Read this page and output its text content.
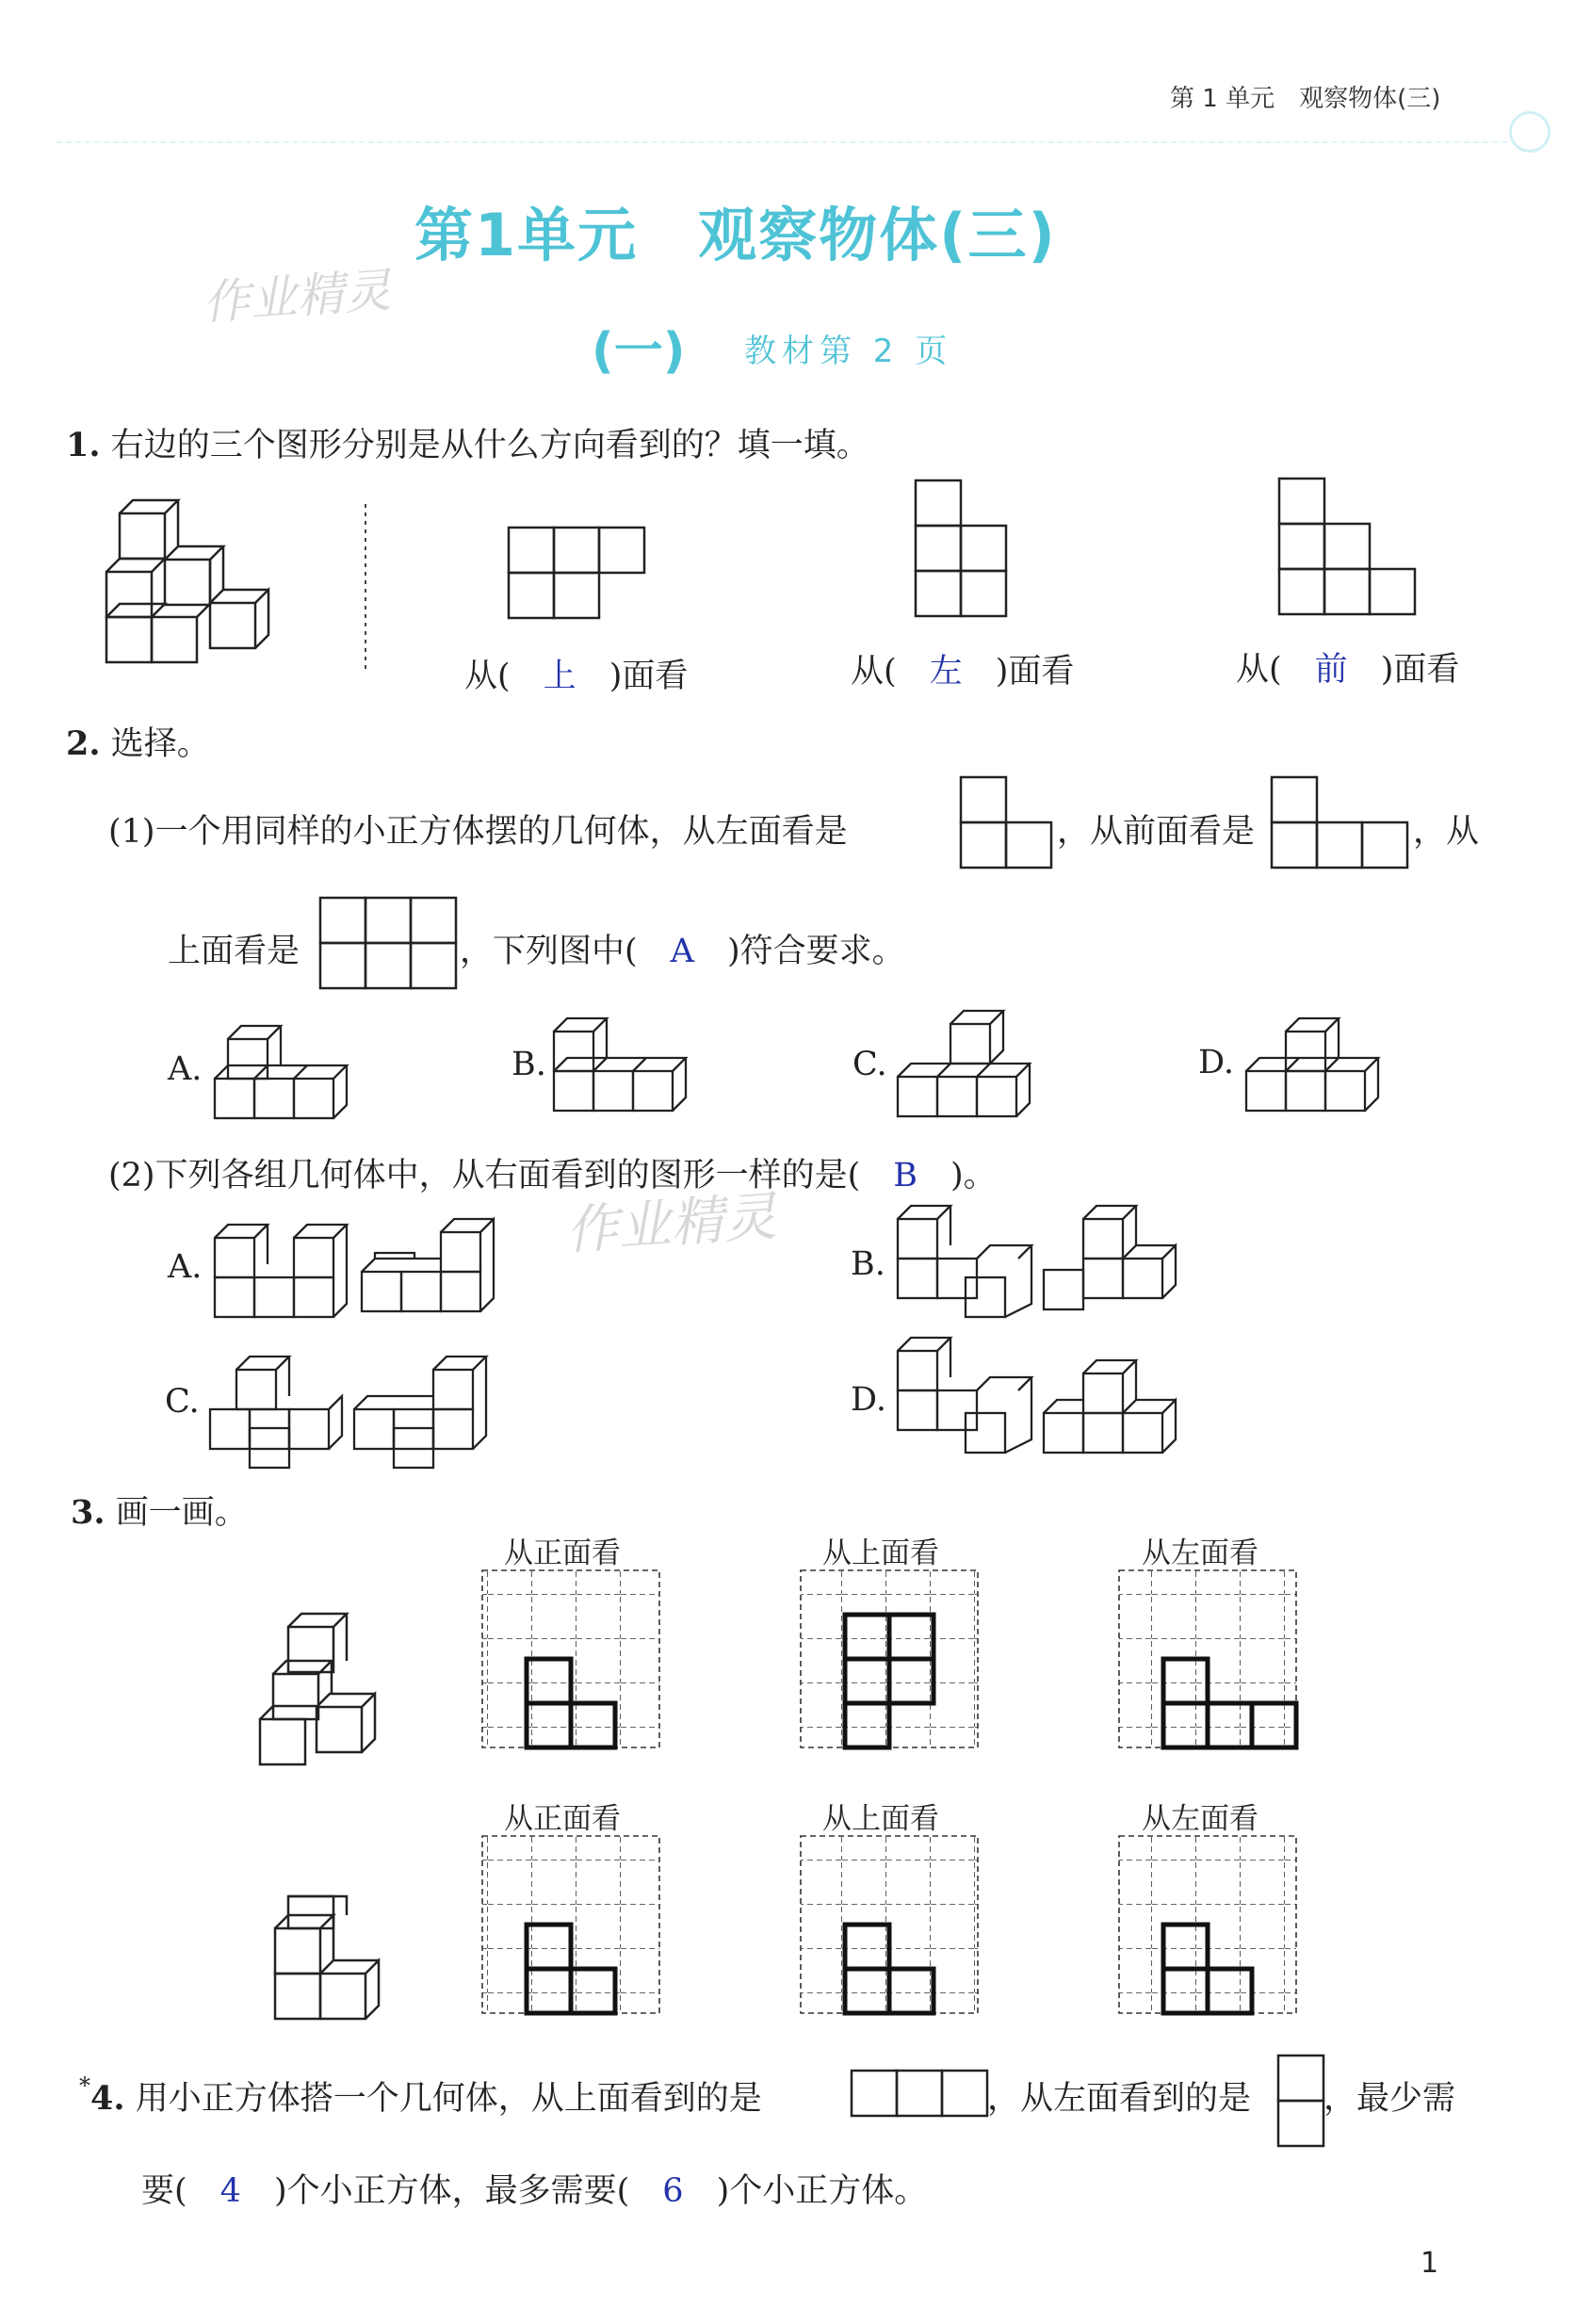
第 1 单元　 观察物体(三)
第1单元　观察物体(三)
(一) 教材第 2 页
作业精灵
作业精灵
1. 右边的三个图形分别是从什么方向看到的？填一填。
从(　 上　 )面看	从(　 左　 )面看	从(　 前　 )面看
2. 选择。
(1)一个用同样的小正方体摆的几何体，从左面看是	，从前面看是	，从
上面看是	，下列图中(　 A　 )符合要求。
A.	B.	C.	D.
(2)下列各组几何体中，从右面看到的图形一样的是(　 B　 )。
A.	B.
C.	D.
3. 画一画。
从正面看	从上面看	从左面看
从正面看	从上面看	从左面看
*4. 用小正方体搭一个几何体，从上面看到的是	，从左面看到的是 ，最少需
要(　 4　 )个小正方体，最多需要(　 6　 )个小正方体。
1
